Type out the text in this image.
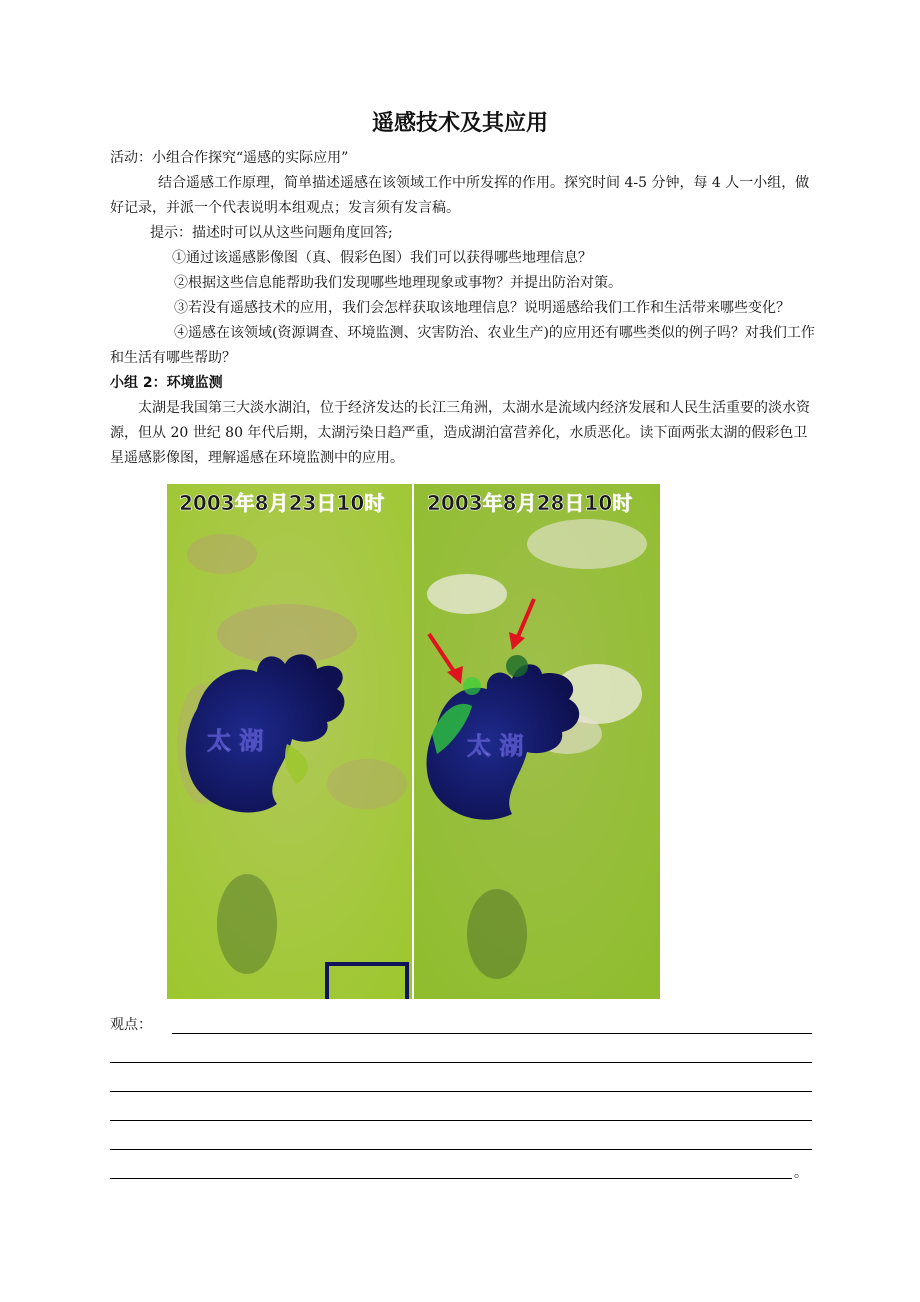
遥感技术及其应用

活动：小组合作探究“遥感的实际应用”

结合遥感工作原理，简单描述遥感在该领域工作中所发挥的作用。探究时间 4-5 分钟，每 4 人一小组，做好记录，并派一个代表说明本组观点；发言须有发言稿。

提示：描述时可以从这些问题角度回答;

①通过该遥感影像图（真、假彩色图）我们可以获得哪些地理信息？

②根据这些信息能帮助我们发现哪些地理现象或事物？并提出防治对策。

③若没有遥感技术的应用，我们会怎样获取该地理信息？说明遥感给我们工作和生活带来哪些变化？

④遥感在该领域(资源调查、环境监测、灾害防治、农业生产)的应用还有哪些类似的例子吗？对我们工作和生活有哪些帮助？

小组 2：环境监测

太湖是我国第三大淡水湖泊，位于经济发达的长江三角洲，太湖水是流域内经济发展和人民生活重要的淡水资源，但从 20 世纪 80 年代后期，太湖污染日趋严重，造成湖泊富营养化，水质恶化。读下面两张太湖的假彩色卫星遥感影像图，理解遥感在环境监测中的应用。

2003年8月23日10时
太 湖
2003年8月28日10时
太 湖
观点：
。
